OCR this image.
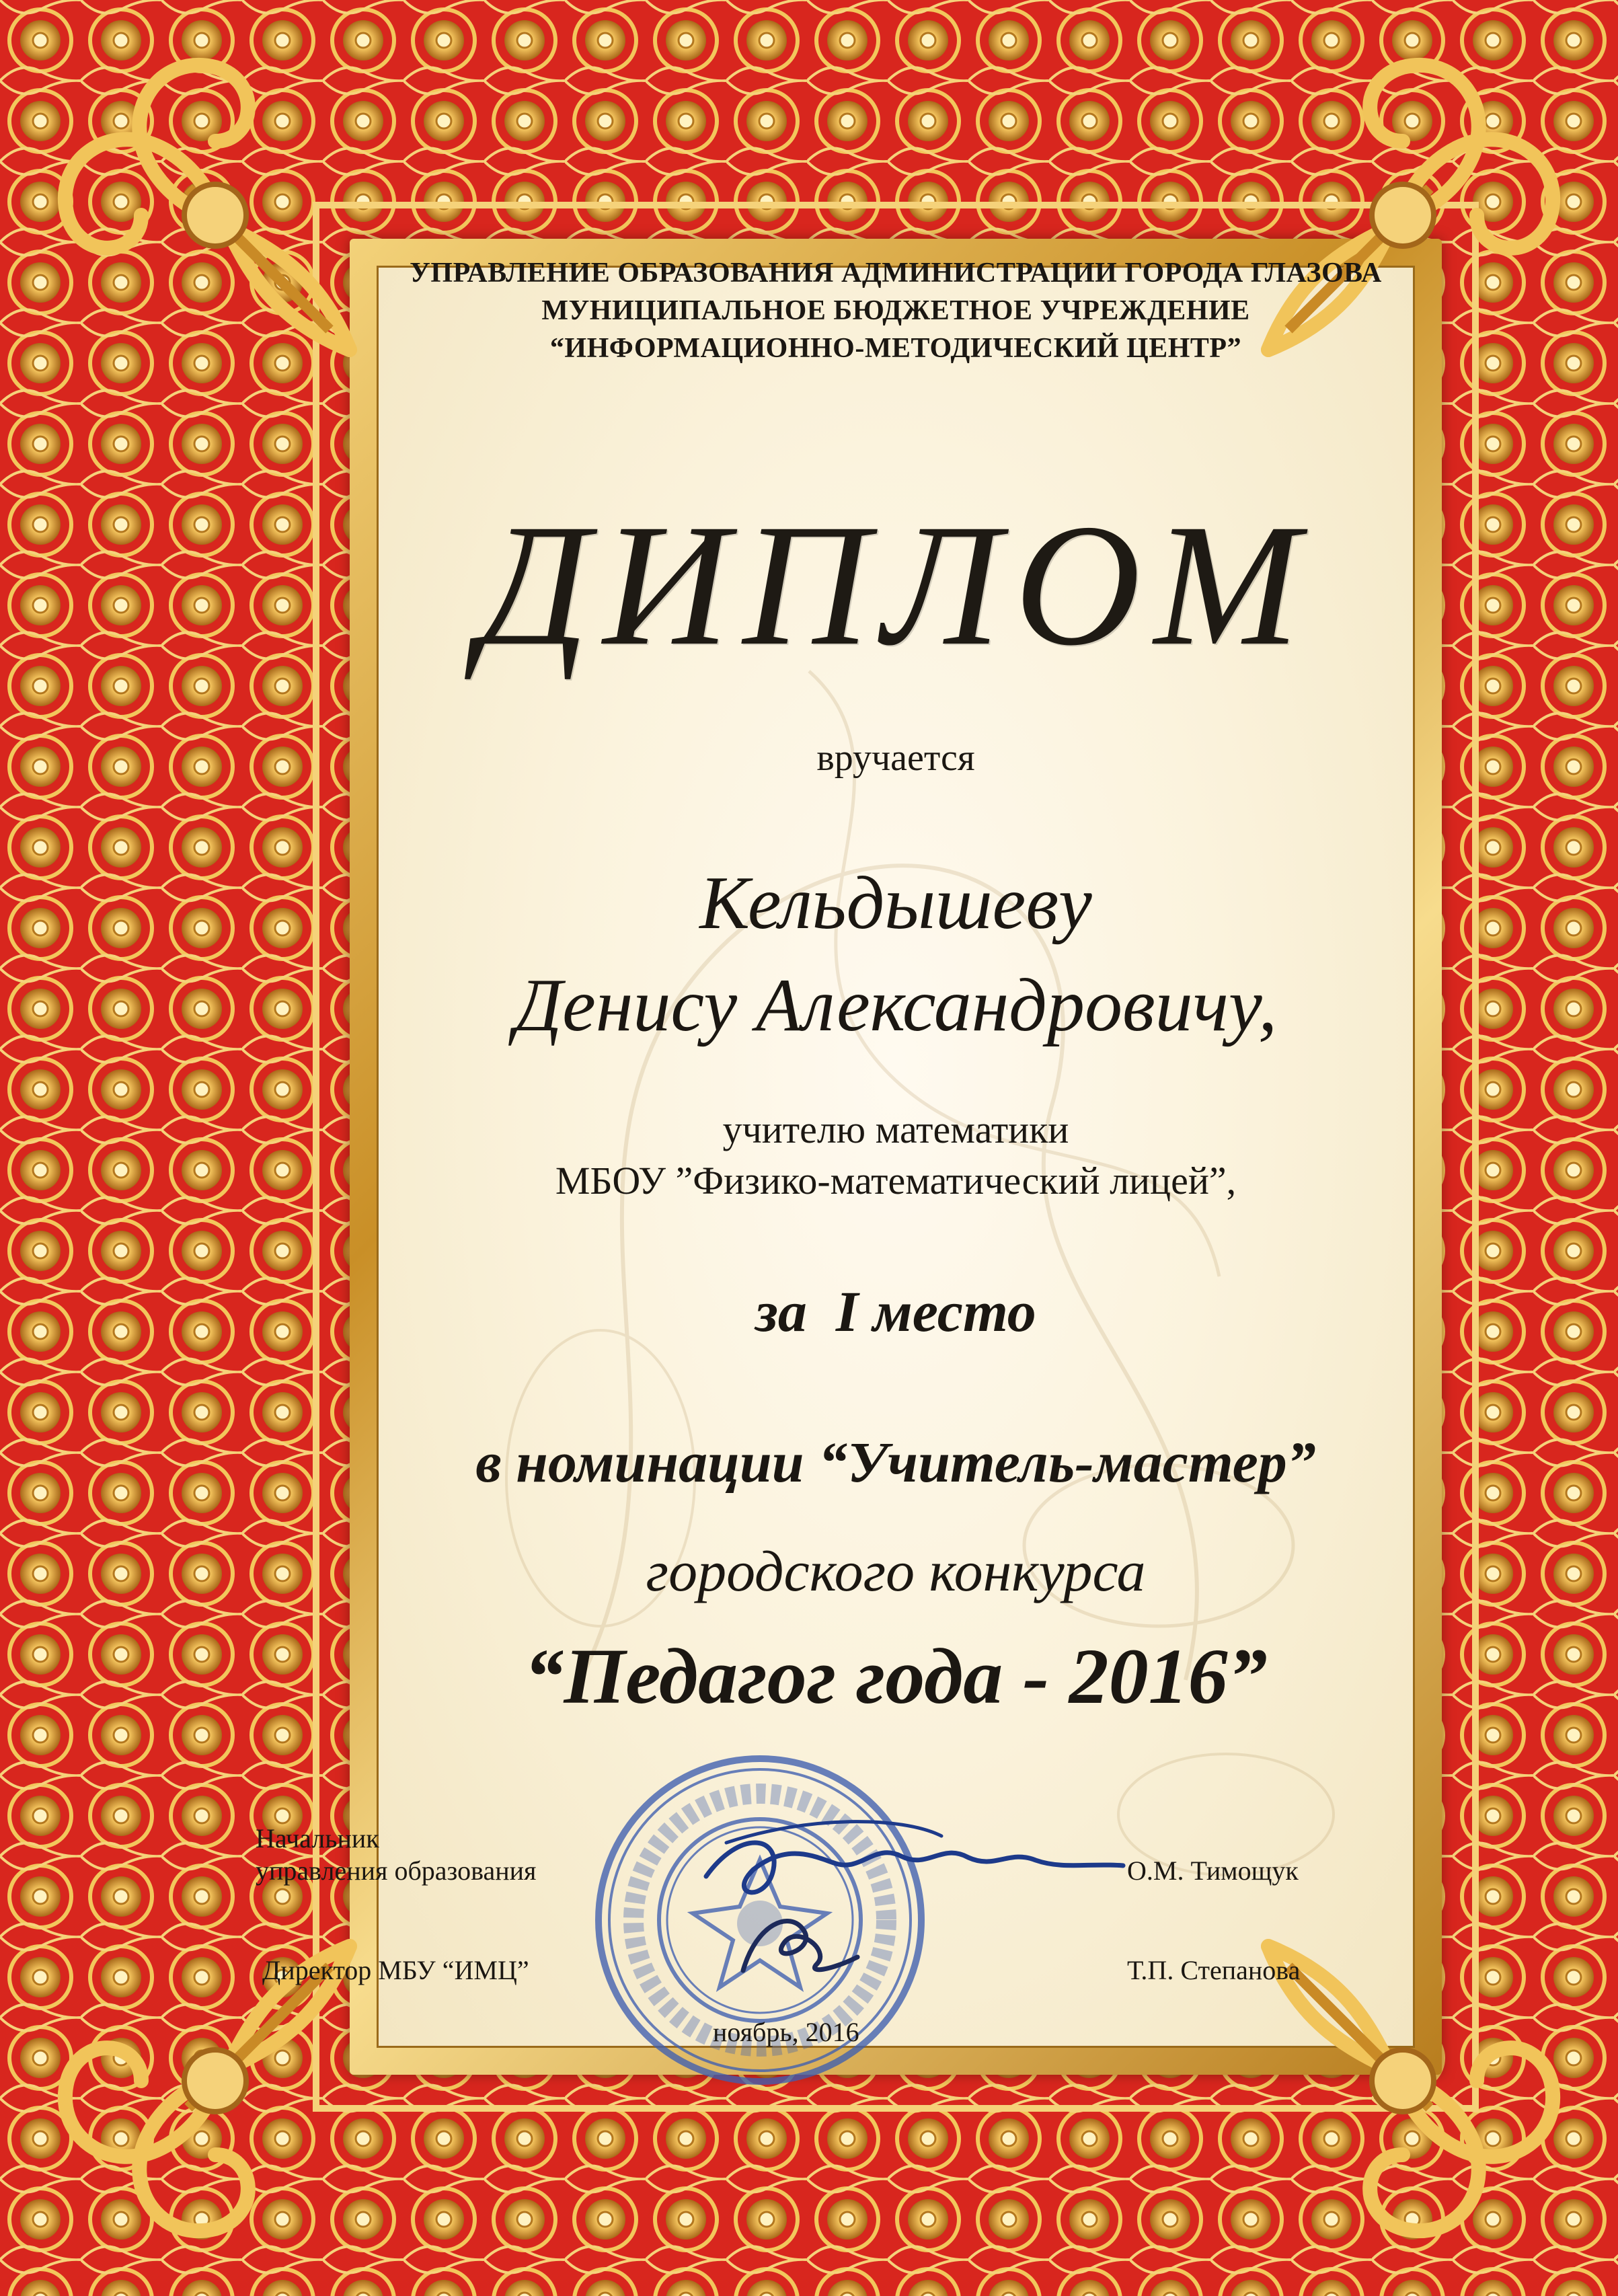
УПРАВЛЕНИЕ ОБРАЗОВАНИЯ АДМИНИСТРАЦИИ ГОРОДА ГЛАЗОВА
МУНИЦИПАЛЬНОЕ БЮДЖЕТНОЕ УЧРЕЖДЕНИЕ
“ИНФОРМАЦИОННО-МЕТОДИЧЕСКИЙ ЦЕНТР”
ДИПЛОМ
вручается
Кельдышеву
Денису Александровичу,
учителю математики
МБОУ ”Физико-математический лицей”,
за  I место
в номинации “Учитель-мастер”
городского конкурса
“Педагог года - 2016”
Начальник
управления образования	О.М. Тимощук
Директор МБУ “ИМЦ”	Т.П. Степанова
ноябрь, 2016
